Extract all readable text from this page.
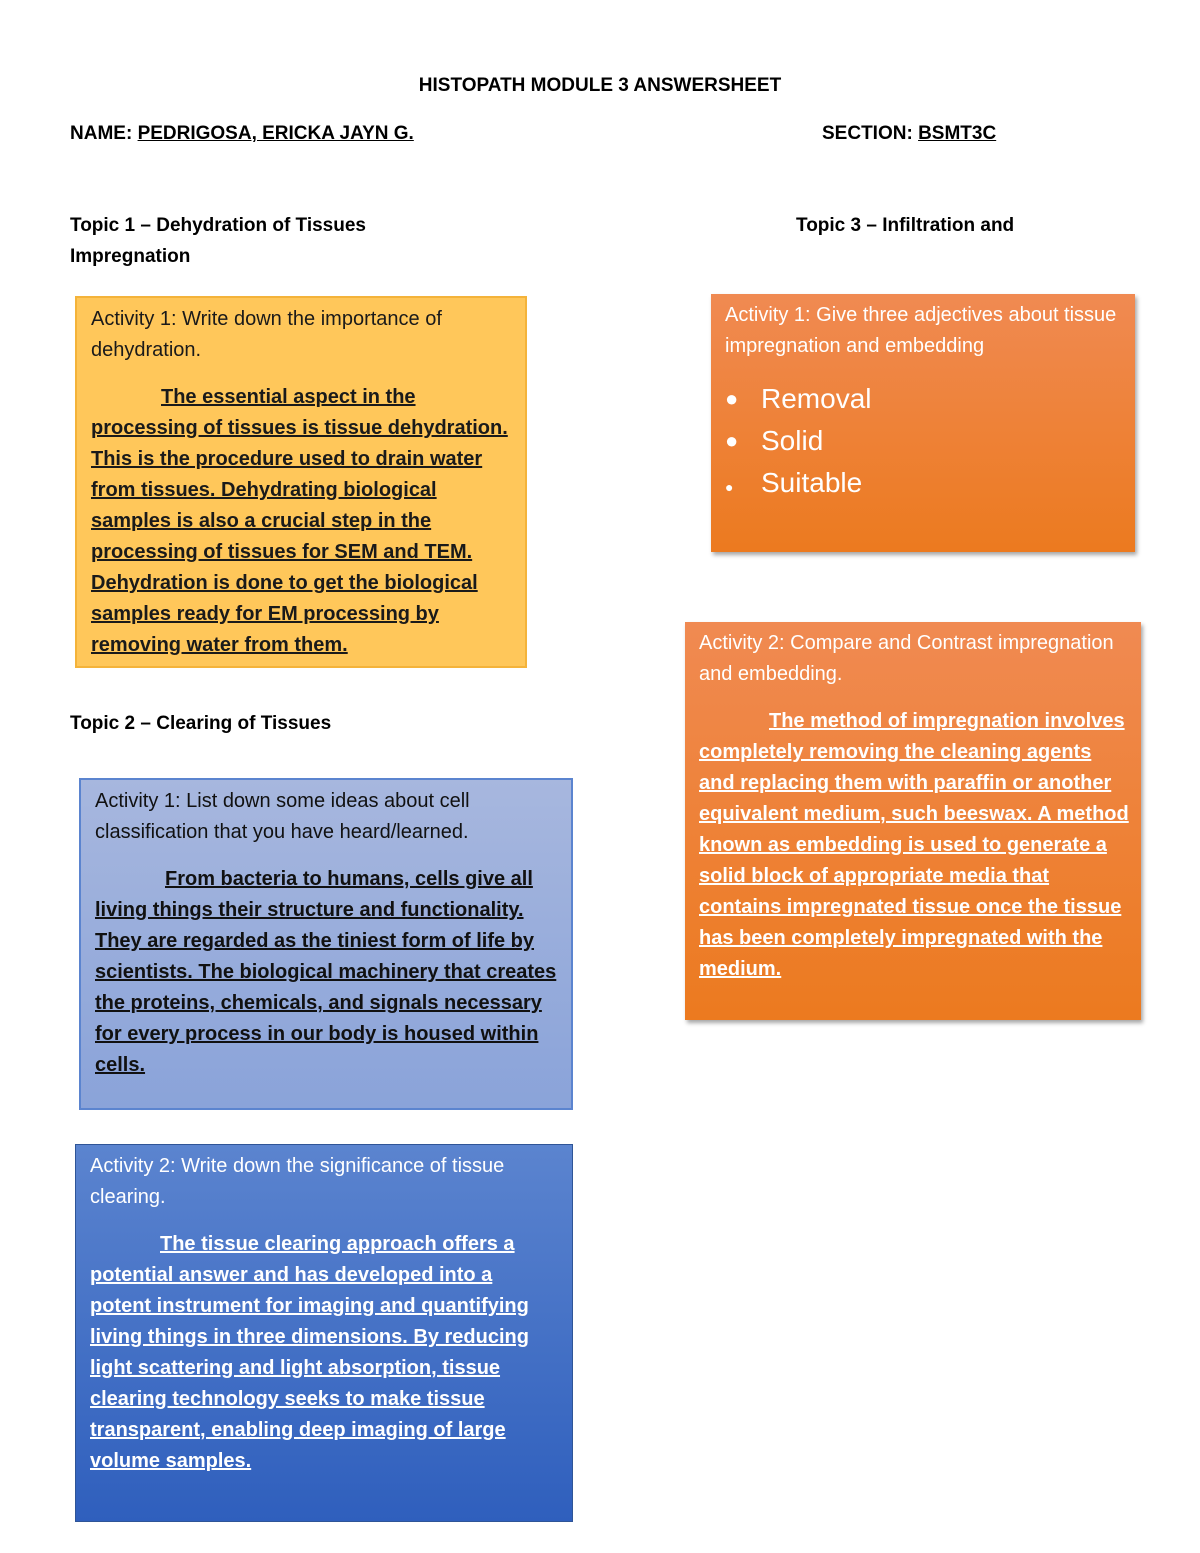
HISTOPATH MODULE 3 ANSWERSHEET
NAME: PEDRIGOSA, ERICKA JAYN G.	SECTION: BSMT3C
Topic 1 – Dehydration of Tissues
Impregnation
Topic 3 – Infiltration and

Activity 1: Write down the importance of dehydration.

The essential aspect in the processing of tissues is tissue dehydration. This is the procedure used to drain water from tissues. Dehydrating biological samples is also a crucial step in the processing of tissues for SEM and TEM. Dehydration is done to get the biological samples ready for EM processing by removing water from them.

Topic 2 – Clearing of Tissues

Activity 1: List down some ideas about cell classification that you have heard/learned.

From bacteria to humans, cells give all living things their structure and functionality. They are regarded as the tiniest form of life by scientists. The biological machinery that creates the proteins, chemicals, and signals necessary for every process in our body is housed within cells.

Activity 2: Write down the significance of tissue clearing.

The tissue clearing approach offers a potential answer and has developed into a potent instrument for imaging and quantifying living things in three dimensions. By reducing light scattering and light absorption, tissue clearing technology seeks to make tissue transparent, enabling deep imaging of large volume samples.

Activity 1: Give three adjectives about tissue impregnation and embedding

● Removal
● Solid
● Suitable

Activity 2: Compare and Contrast impregnation and embedding.

The method of impregnation involves completely removing the cleaning agents and replacing them with paraffin or another equivalent medium, such beeswax. A method known as embedding is used to generate a solid block of appropriate media that contains impregnated tissue once the tissue has been completely impregnated with the medium.
